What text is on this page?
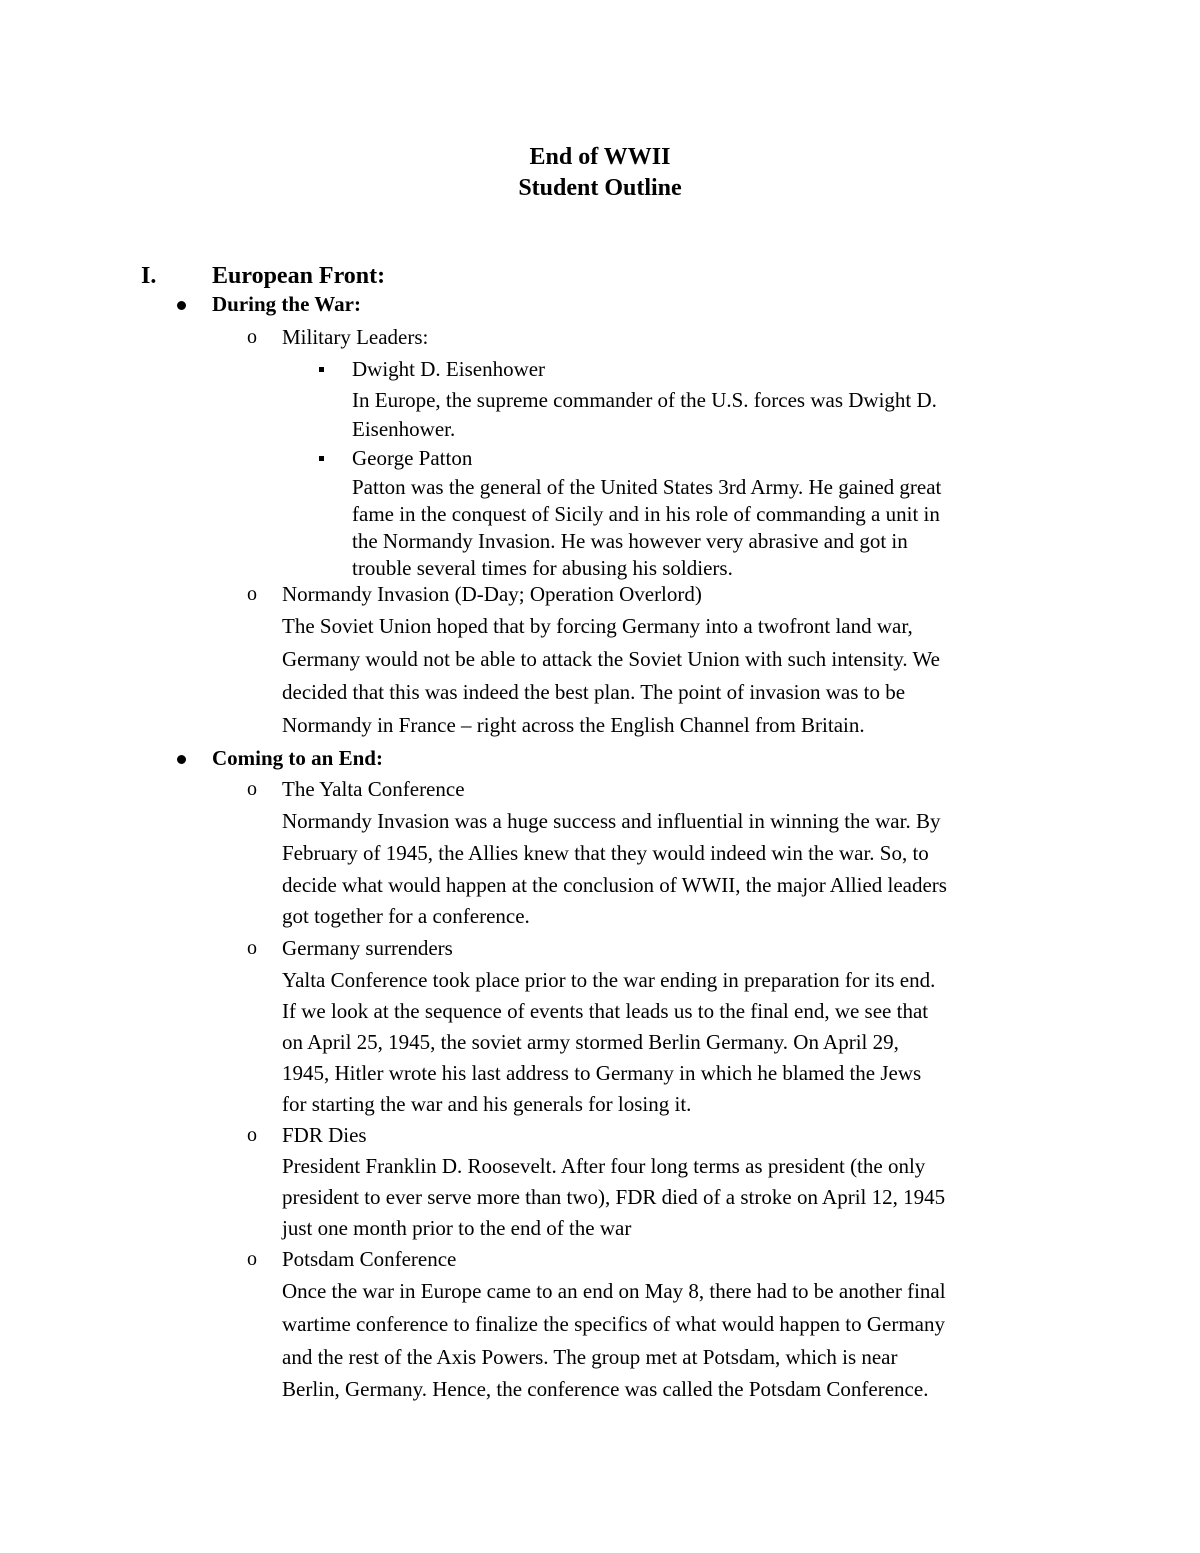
End of WWII
Student Outline
I. European Front:
During the War:
o Military Leaders:
Dwight D. Eisenhower
In Europe, the supreme commander of the U.S. forces was Dwight D.
Eisenhower.
George Patton
Patton was the general of the United States 3rd Army. He gained great
fame in the conquest of Sicily and in his role of commanding a unit in
the Normandy Invasion. He was however very abrasive and got in
trouble several times for abusing his soldiers.
o Normandy Invasion (D-Day; Operation Overlord)
The Soviet Union hoped that by forcing Germany into a twofront land war,
Germany would not be able to attack the Soviet Union with such intensity. We
decided that this was indeed the best plan. The point of invasion was to be
Normandy in France – right across the English Channel from Britain.
Coming to an End:
o The Yalta Conference
Normandy Invasion was a huge success and influential in winning the war. By
February of 1945, the Allies knew that they would indeed win the war. So, to
decide what would happen at the conclusion of WWII, the major Allied leaders
got together for a conference.
o Germany surrenders
Yalta Conference took place prior to the war ending in preparation for its end.
If we look at the sequence of events that leads us to the final end, we see that
on April 25, 1945, the soviet army stormed Berlin Germany. On April 29,
1945, Hitler wrote his last address to Germany in which he blamed the Jews
for starting the war and his generals for losing it.
o FDR Dies
President Franklin D. Roosevelt. After four long terms as president (the only
president to ever serve more than two), FDR died of a stroke on April 12, 1945
just one month prior to the end of the war
o Potsdam Conference
Once the war in Europe came to an end on May 8, there had to be another final
wartime conference to finalize the specifics of what would happen to Germany
and the rest of the Axis Powers. The group met at Potsdam, which is near
Berlin, Germany. Hence, the conference was called the Potsdam Conference.
